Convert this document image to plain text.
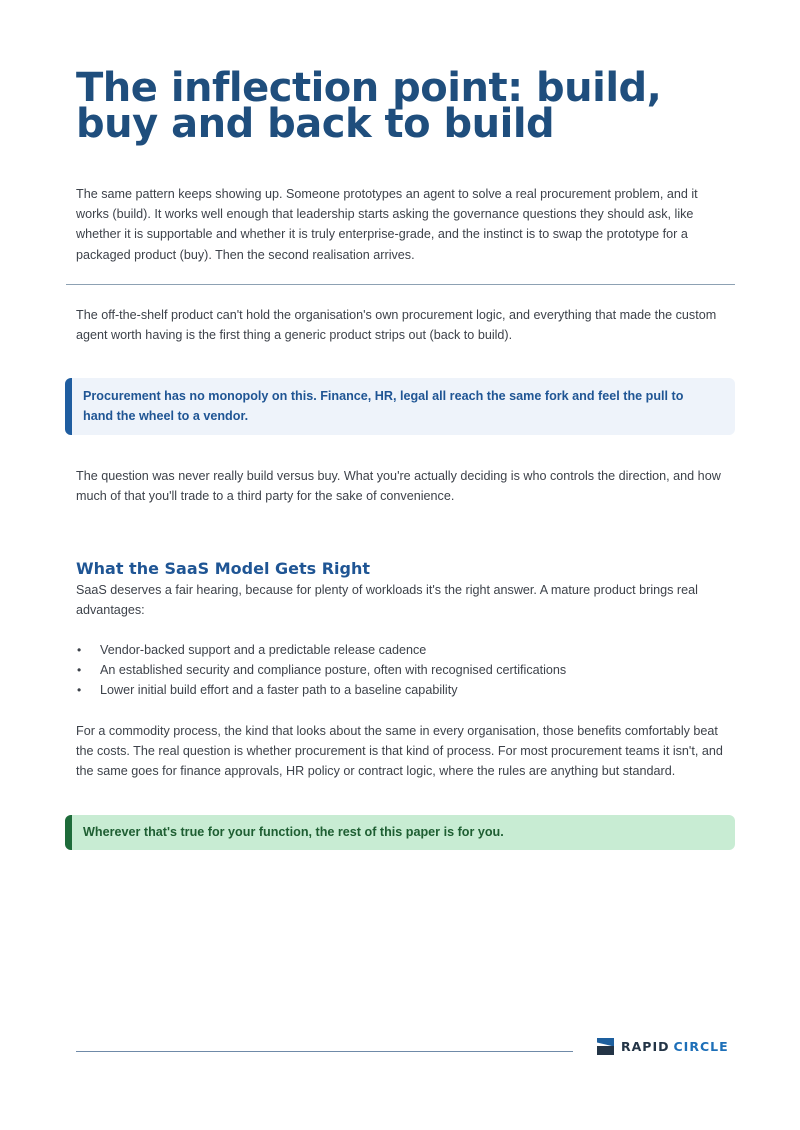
The inflection point: build, buy and back to build

The same pattern keeps showing up. Someone prototypes an agent to solve a real procurement problem, and it works (build). It works well enough that leadership starts asking the governance questions they should ask, like whether it is supportable and whether it is truly enterprise-grade, and the instinct is to swap the prototype for a packaged product (buy). Then the second realisation arrives.

The off-the-shelf product can't hold the organisation's own procurement logic, and everything that made the custom agent worth having is the first thing a generic product strips out (back to build).

Procurement has no monopoly on this. Finance, HR, legal all reach the same fork and feel the pull to hand the wheel to a vendor.

The question was never really build versus buy. What you're actually deciding is who controls the direction, and how much of that you'll trade to a third party for the sake of convenience.

What the SaaS Model Gets Right

SaaS deserves a fair hearing, because for plenty of workloads it's the right answer. A mature product brings real advantages:

• Vendor-backed support and a predictable release cadence
• An established security and compliance posture, often with recognised certifications
• Lower initial build effort and a faster path to a baseline capability

For a commodity process, the kind that looks about the same in every organisation, those benefits comfortably beat the costs. The real question is whether procurement is that kind of process. For most procurement teams it isn't, and the same goes for finance approvals, HR policy or contract logic, where the rules are anything but standard.

Wherever that's true for your function, the rest of this paper is for you.

RAPID CIRCLE
